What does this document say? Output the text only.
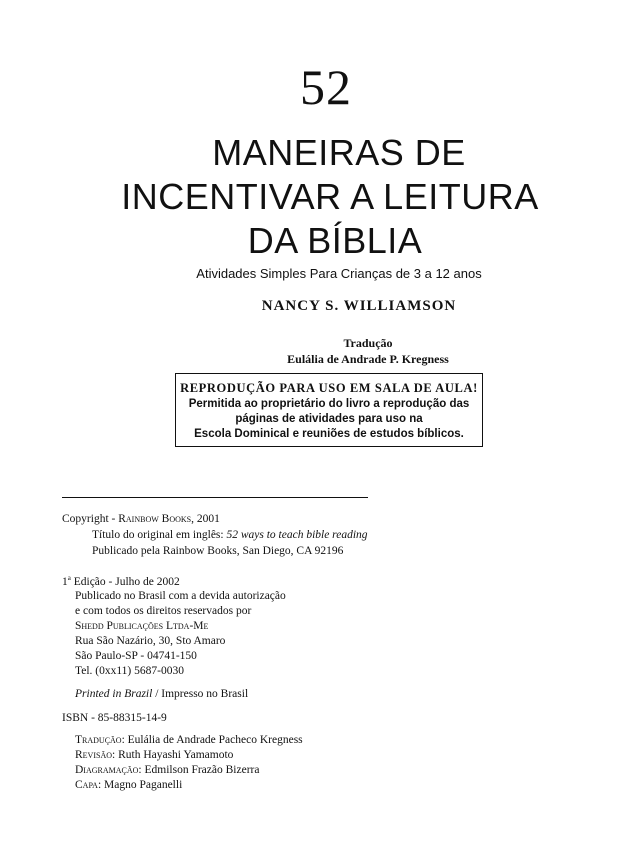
52
MANEIRAS DE
INCENTIVAR A LEITURA
DA BÍBLIA
Atividades Simples Para Crianças de 3 a 12 anos
NANCY S. WILLIAMSON
Tradução
Eulália de Andrade P. Kregness
REPRODUÇÃO PARA USO EM SALA DE AULA!
Permitida ao proprietário do livro a reprodução das
páginas de atividades para uso na
Escola Dominical e reuniões de estudos bíblicos.
Copyright - Rainbow Books, 2001
Título do original em inglês: 52 ways to teach bible reading
Publicado pela Rainbow Books, San Diego, CA 92196
1$^a$ Edição - Julho de 2002
Publicado no Brasil com a devida autorização
e com todos os direitos reservados por
Shedd Publicações Ltda-Me
Rua São Nazário, 30, Sto Amaro
São Paulo-SP - 04741-150
Tel. (0xx11) 5687-0030
Printed in Brazil / Impresso no Brasil
ISBN - 85-88315-14-9
Tradução: Eulália de Andrade Pacheco Kregness
Revisão: Ruth Hayashi Yamamoto
Diagramação: Edmilson Frazão Bizerra
Capa: Magno Paganelli
